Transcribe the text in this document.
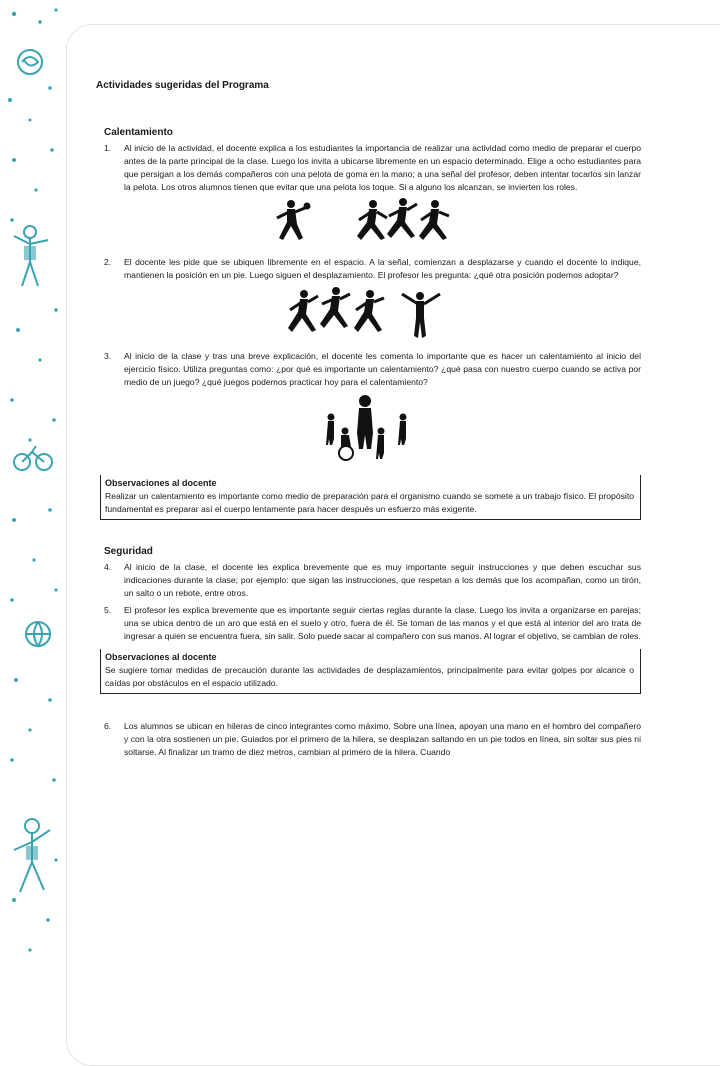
Actividades sugeridas del Programa
Calentamiento
1. Al inicio de la actividad, el docente explica a los estudiantes la importancia de realizar una actividad como medio de preparar el cuerpo antes de la parte principal de la clase. Luego los invita a ubicarse libremente en un espacio determinado. Elige a ocho estudiantes para que persigan a los demás compañeros con una pelota de goma en la mano; a una señal del profesor, deben intentar tocarlos sin lanzar la pelota. Los otros alumnos tienen que evitar que una pelota los toque. Si a alguno los alcanzan, se invierten los roles.
2. El docente les pide que se ubiquen libremente en el espacio. A la señal, comienzan a desplazarse y cuando el docente lo indique, mantienen la posición en un pie. Luego siguen el desplazamiento. El profesor les pregunta: ¿qué otra posición podemos adoptar?
3. Al inicio de la clase y tras una breve explicación, el docente les comenta lo importante que es hacer un calentamiento al inicio del ejercicio físico. Utiliza preguntas como: ¿por qué es importante un calentamiento? ¿qué pasa con nuestro cuerpo cuando se activa por medio de un juego? ¿qué juegos podemos practicar hoy para el calentamiento?
Observaciones al docente
Realizar un calentamiento es importante como medio de preparación para el organismo cuando se somete a un trabajo físico. El propósito fundamental es preparar así el cuerpo lentamente para hacer después un esfuerzo más exigente.
Seguridad
4. Al inicio de la clase, el docente les explica brevemente que es muy importante seguir instrucciones y que deben escuchar sus indicaciones durante la clase; por ejemplo: que sigan las instrucciones, que respetan a los demás que los acompañan, como un tirón, un salto o un rebote, entre otros.
5. El profesor les explica brevemente que es importante seguir ciertas reglas durante la clase. Luego los invita a organizarse en parejas; una se ubica dentro de un aro que está en el suelo y otro, fuera de él. Se toman de las manos y el que está al interior del aro trata de ingresar a quien se encuentra fuera, sin salir. Solo puede sacar al compañero con sus manos. Al lograr el objetivo, se cambian de roles.
Observaciones al docente
Se sugiere tomar medidas de precaución durante las actividades de desplazamientos, principalmente para evitar golpes por alcance o caídas por obstáculos en el espacio utilizado.
6. Los alumnos se ubican en hileras de cinco integrantes como máximo. Sobre una línea, apoyan una mano en el hombro del compañero y con la otra sostienen un pie. Guiados por el primero de la hilera, se desplazan saltando en un pie todos en línea, sin soltar sus pies ni soltarse. Al finalizar un tramo de diez metros, cambian al primero de la hilera. Cuando
